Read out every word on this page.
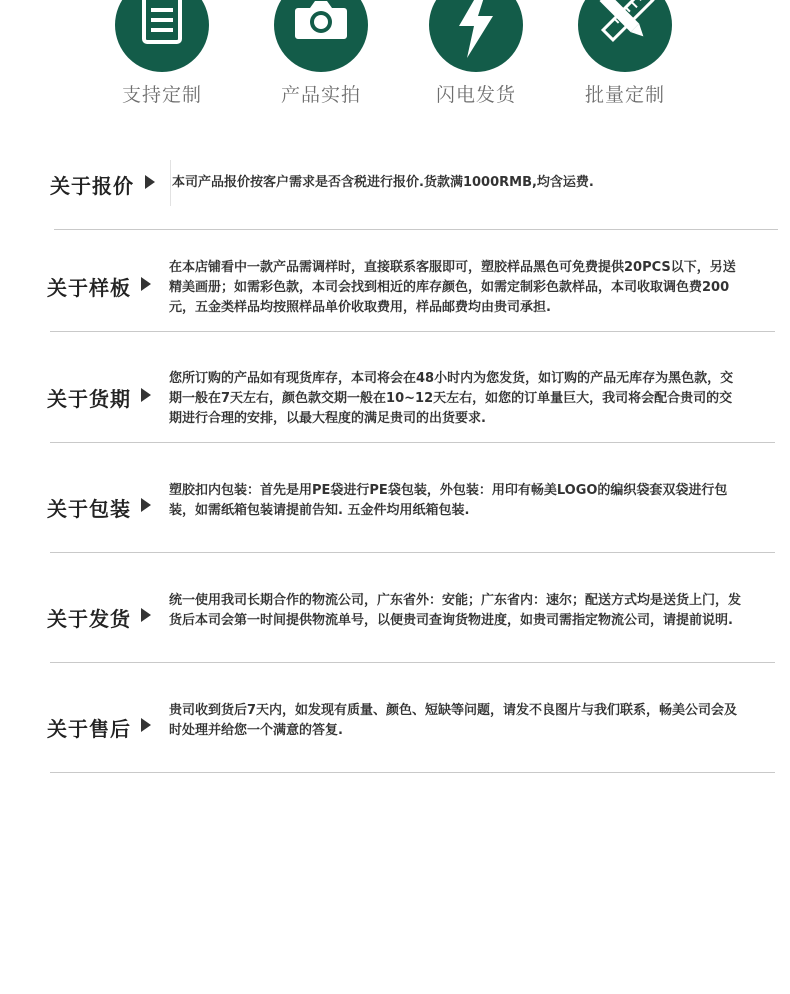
支持定制	产品实拍	闪电发货	批量定制
关于报价	本司产品报价按客户需求是否含税进行报价.货款满1000RMB,均含运费.
关于样板
在本店铺看中一款产品需调样时，直接联系客服即可，塑胶样品黑色可免费提供20PCS以下，另送精美画册；如需彩色款，本司会找到相近的库存颜色，如需定制彩色款样品，本司收取调色费200元，五金类样品均按照样品单价收取费用，样品邮费均由贵司承担.
关于货期
您所订购的产品如有现货库存，本司将会在48小时内为您发货，如订购的产品无库存为黑色款，交期一般在7天左右，颜色款交期一般在10~12天左右，如您的订单量巨大，我司将会配合贵司的交期进行合理的安排，以最大程度的满足贵司的出货要求.
关于包装
塑胶扣内包装：首先是用PE袋进行PE袋包装，外包装：用印有畅美LOGO的编织袋套双袋进行包装，如需纸箱包装请提前告知. 五金件均用纸箱包装.
关于发货
统一使用我司长期合作的物流公司，广东省外：安能；广东省内：速尔；配送方式均是送货上门，发货后本司会第一时间提供物流单号，以便贵司查询货物进度，如贵司需指定物流公司，请提前说明.
关于售后
贵司收到货后7天内，如发现有质量、颜色、短缺等问题，请发不良图片与我们联系，畅美公司会及时处理并给您一个满意的答复.
